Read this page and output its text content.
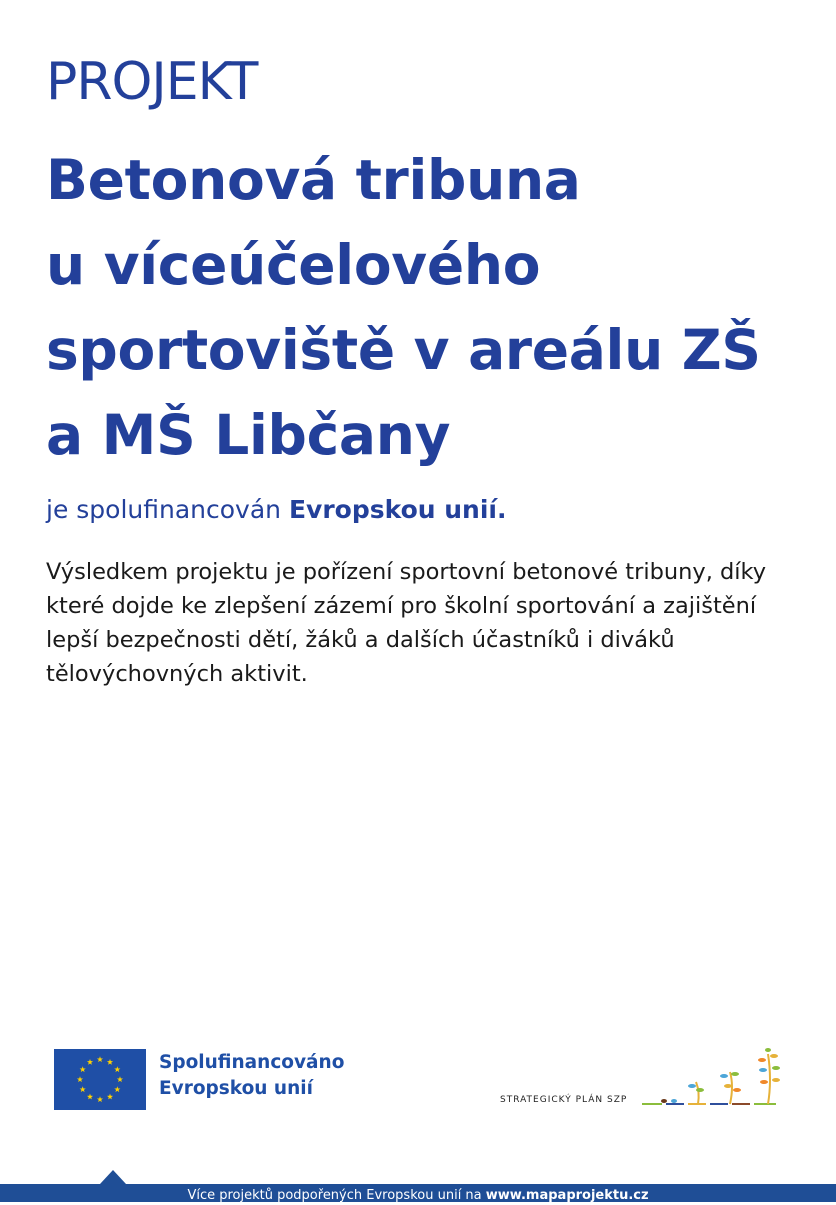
PROJEKT
Betonová tribuna
u víceúčelového
sportoviště v areálu ZŠ
a MŠ Libčany
je spolufinancován Evropskou unií.
Výsledkem projektu je pořízení sportovní betonové tribuny, díky
které dojde ke zlepšení zázemí pro školní sportování a zajištění
lepší bezpečnosti dětí, žáků a dalších účastníků i diváků
tělovýchovných aktivit.
Spolufinancováno
Evropskou unií
STRATEGICKÝ PLÁN SZP
Více projektů podpořených Evropskou unií na www.mapaprojektu.cz
